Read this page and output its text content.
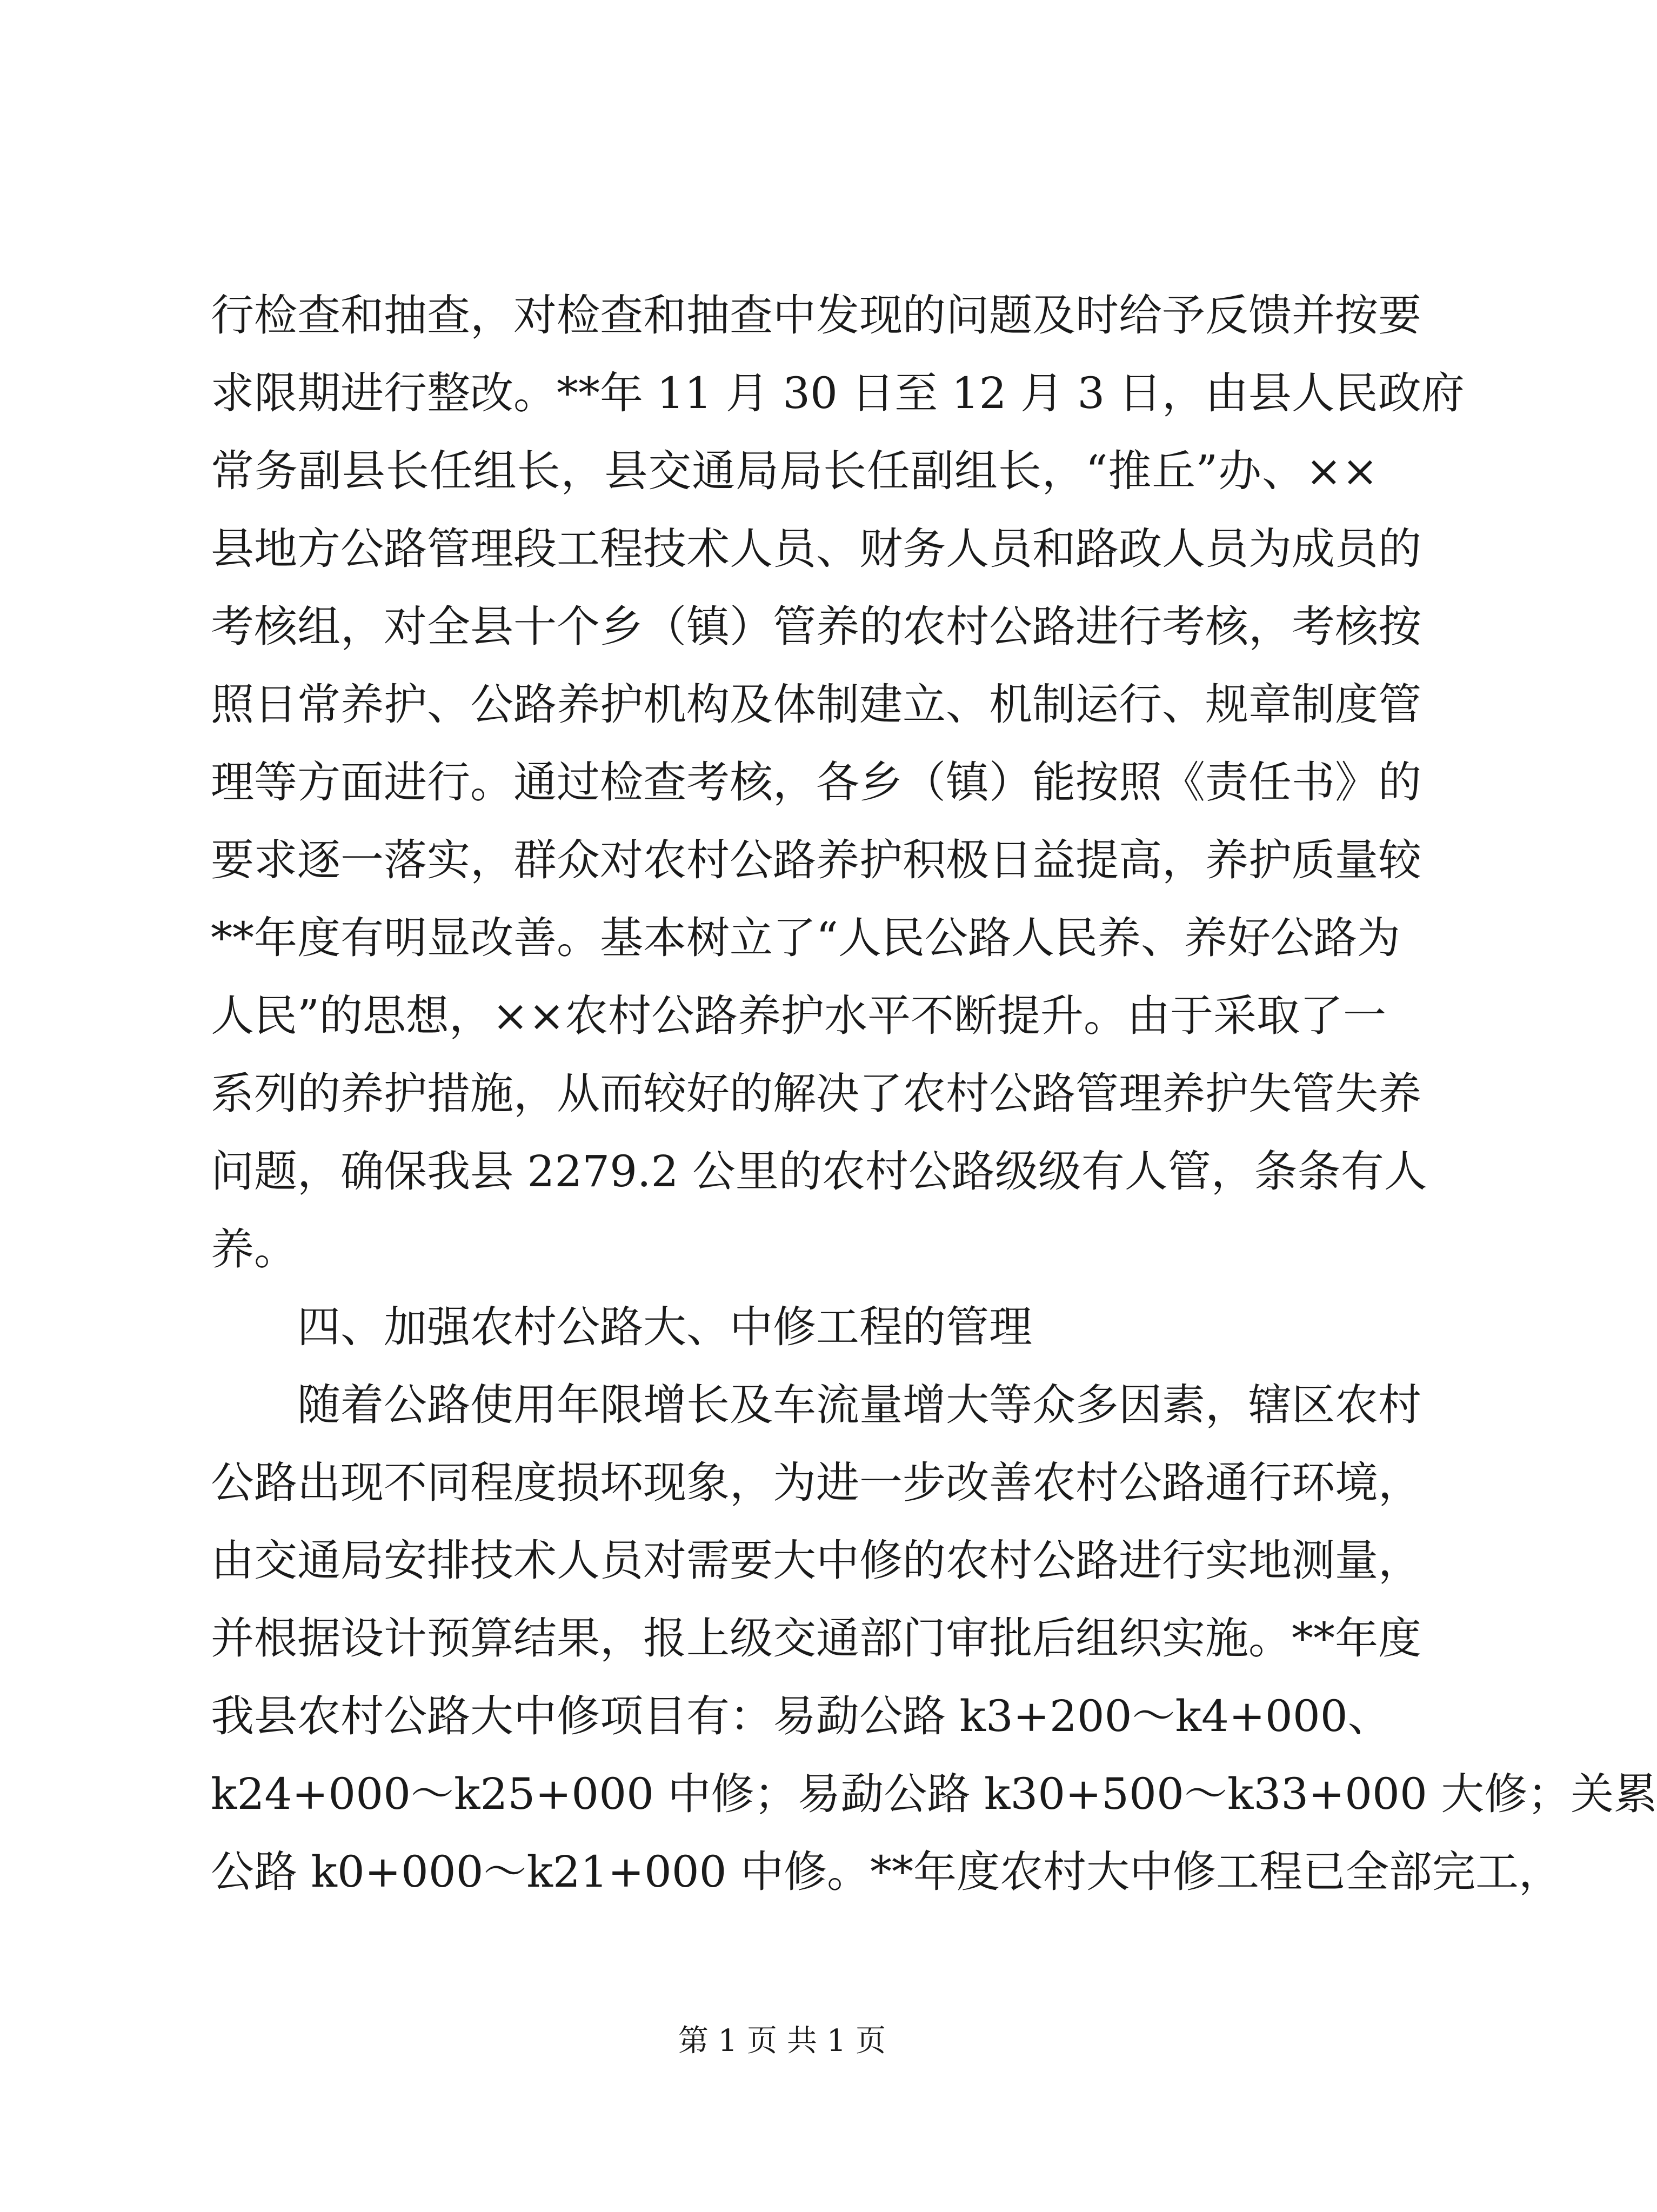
行检查和抽查，对检查和抽查中发现的问题及时给予反馈并按要
求限期进行整改。**年 11 月 30 日至 12 月 3 日，由县人民政府
常务副县长任组长，县交通局局长任副组长，“推丘”办、××
县地方公路管理段工程技术人员、财务人员和路政人员为成员的
考核组，对全县十个乡（镇）管养的农村公路进行考核，考核按
照日常养护、公路养护机构及体制建立、机制运行、规章制度管
理等方面进行。通过检查考核，各乡（镇）能按照《责任书》的
要求逐一落实，群众对农村公路养护积极日益提高，养护质量较
**年度有明显改善。基本树立了“人民公路人民养、养好公路为
人民”的思想，××农村公路养护水平不断提升。由于采取了一
系列的养护措施，从而较好的解决了农村公路管理养护失管失养
问题，确保我县 2279.2 公里的农村公路级级有人管，条条有人
养。
四、加强农村公路大、中修工程的管理
随着公路使用年限增长及车流量增大等众多因素，辖区农村
公路出现不同程度损坏现象，为进一步改善农村公路通行环境，
由交通局安排技术人员对需要大中修的农村公路进行实地测量，
并根据设计预算结果，报上级交通部门审批后组织实施。**年度
我县农村公路大中修项目有：易勐公路 k3+200～k4+000、
k24+000～k25+000 中修；易勐公路 k30+500～k33+000 大修；关累
公路 k0+000～k21+000 中修。**年度农村大中修工程已全部完工，
第 1 页 共 1 页
